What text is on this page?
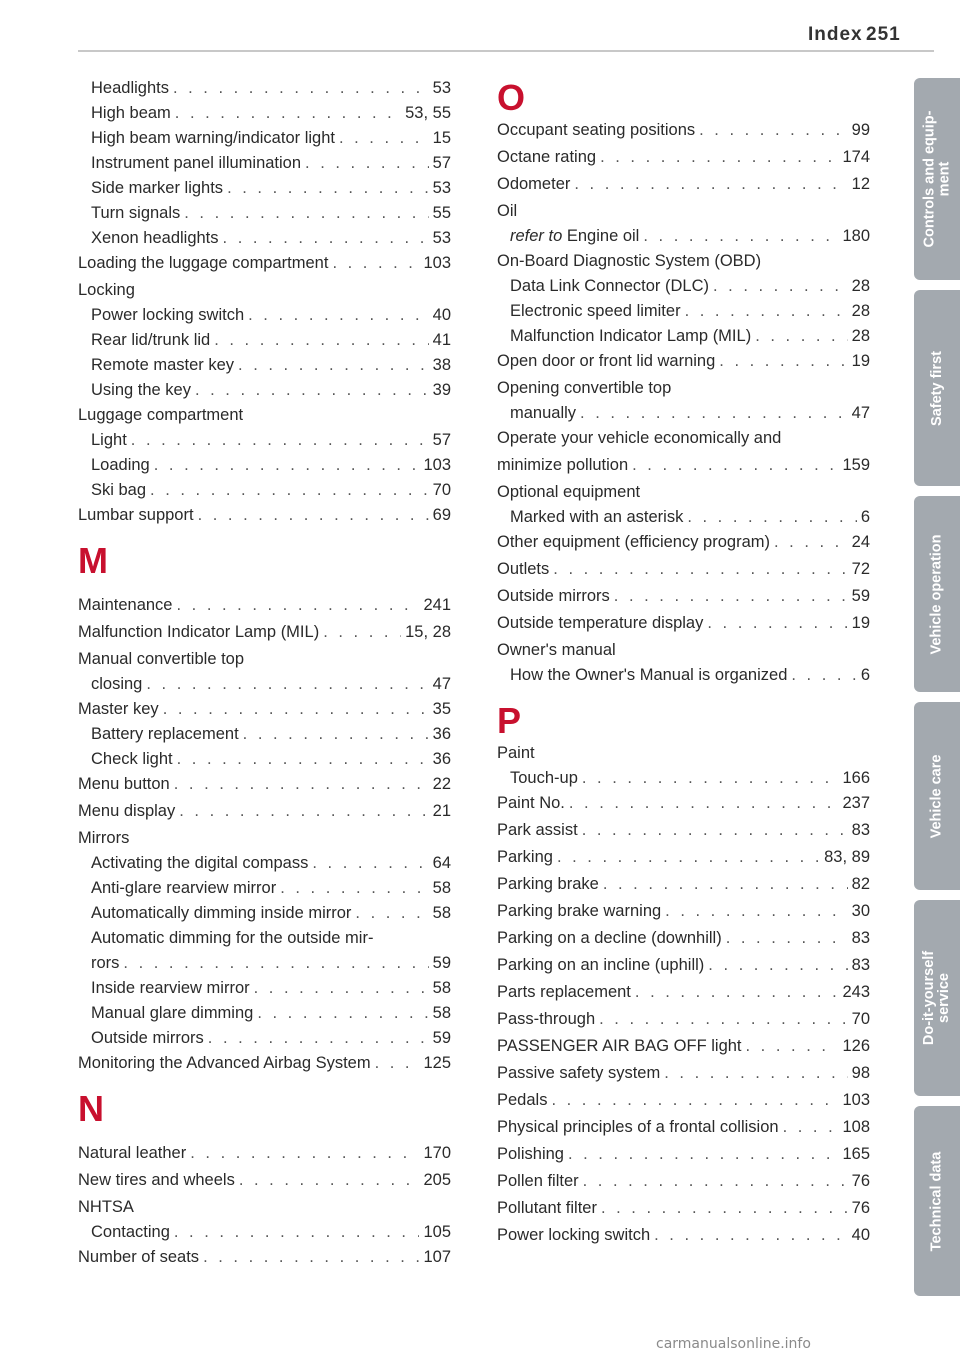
Index 251
Headlights . . .	53
High beam . . .	53, 55
High beam warning/indicator light . . .	15
Instrument panel illumination . . .	57
Side marker lights . . .	53
Turn signals . . .	55
Xenon headlights . . .	53
Loading the luggage compartment . . .	103
Locking
Power locking switch . . .	40
Rear lid/trunk lid . . .	41
Remote master key . . .	38
Using the key . . .	39
Luggage compartment
Light . . .	57
Loading . . .	103
Ski bag . . .	70
Lumbar support . . .	69
M
Maintenance . . .	241
Malfunction Indicator Lamp (MIL) . . .	15, 28
Manual convertible top
closing . . .	47
Master key . . .	35
Battery replacement . . .	36
Check light . . .	36
Menu button . . .	22
Menu display . . .	21
Mirrors
Activating the digital compass . . .	64
Anti-glare rearview mirror . . .	58
Automatically dimming inside mirror . . .	58
Automatic dimming for the outside mir-
rors . . .	59
Inside rearview mirror . . .	58
Manual glare dimming . . .	58
Outside mirrors . . .	59
Monitoring the Advanced Airbag System . . .	125
N
Natural leather . . .	170
New tires and wheels . . .	205
NHTSA
Contacting . . .	105
Number of seats . . .	107
O
Occupant seating positions . . .	99
Octane rating . . .	174
Odometer . . .	12
Oil
refer to Engine oil . . .	180
On-Board Diagnostic System (OBD)
Data Link Connector (DLC) . . .	28
Electronic speed limiter . . .	28
Malfunction Indicator Lamp (MIL) . . .	28
Open door or front lid warning . . .	19
Opening convertible top
manually . . .	47
Operate your vehicle economically and
minimize pollution . . .	159
Optional equipment
Marked with an asterisk . . .	6
Other equipment (efficiency program) . . .	24
Outlets . . .	72
Outside mirrors . . .	59
Outside temperature display . . .	19
Owner's manual
How the Owner's Manual is organized . . .	6
P
Paint
Touch-up . . .	166
Paint No. . . .	237
Park assist . . .	83
Parking . . .	83, 89
Parking brake . . .	82
Parking brake warning . . .	30
Parking on a decline (downhill) . . .	83
Parking on an incline (uphill) . . .	83
Parts replacement . . .	243
Pass-through . . .	70
PASSENGER AIR BAG OFF light . . .	126
Passive safety system . . .	98
Pedals . . .	103
Physical principles of a frontal collision . . .	108
Polishing . . .	165
Pollen filter . . .	76
Pollutant filter . . .	76
Power locking switch . . .	40
Controls and equip-
ment
Safety first
Vehicle operation
Vehicle care
Do-it-yourself
service
Technical data
carmanualsonline.info
